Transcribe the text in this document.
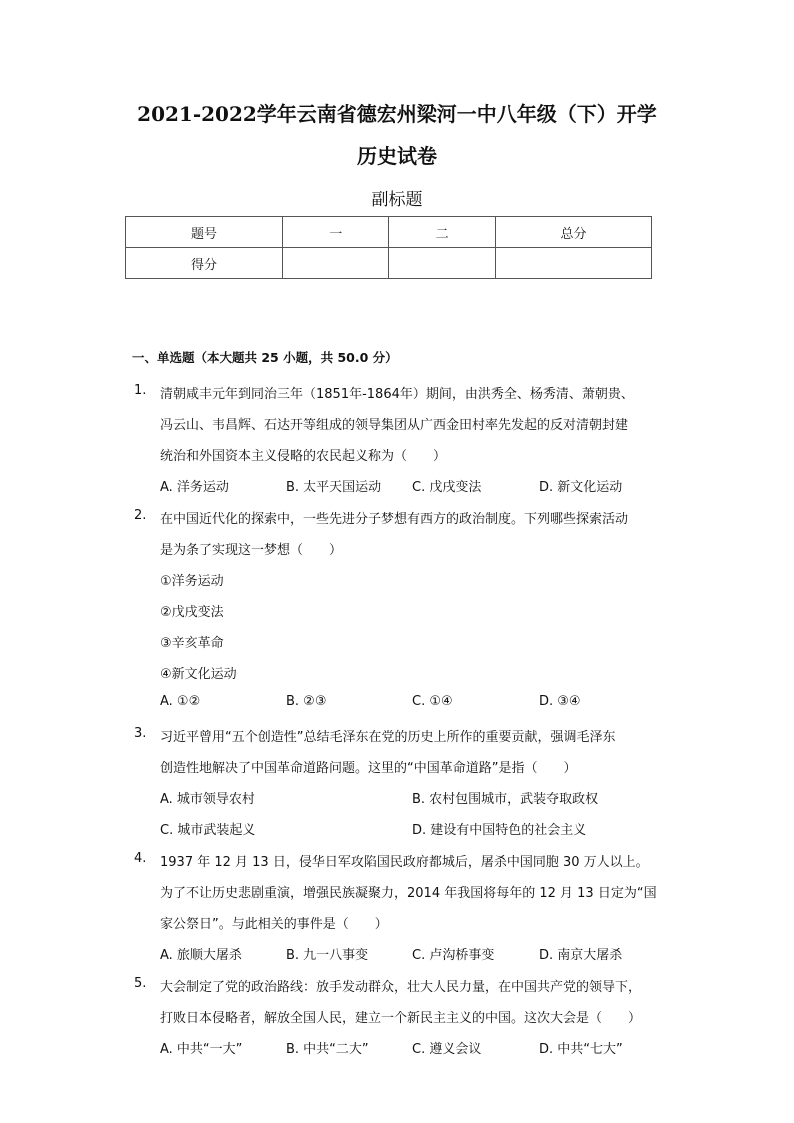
2021-2022学年云南省德宏州梁河一中八年级（下）开学
历史试卷
副标题
题号	一	二	总分
得分			
一、单选题（本大题共 25 小题，共 50.0 分）
1. 清朝咸丰元年到同治三年（1851年-1864年）期间，由洪秀全、杨秀清、萧朝贵、
冯云山、韦昌辉、石达开等组成的领导集团从广西金田村率先发起的反对清朝封建
统治和外国资本主义侵略的农民起义称为（　　）
A. 洋务运动	B. 太平天国运动 C. 戊戌变法	D. 新文化运动
2. 在中国近代化的探索中，一些先进分子梦想有西方的政治制度。下列哪些探索活动
是为条了实现这一梦想（　　）
①洋务运动
②戊戌变法
③辛亥革命
④新文化运动
A. ①②	B. ②③	C. ①④	D. ③④
3. 习近平曾用“五个创造性”总结毛泽东在党的历史上所作的重要贡献，强调毛泽东
创造性地解决了中国革命道路问题。这里的“中国革命道路”是指（　　）
A. 城市领导农村	B. 农村包围城市，武装夺取政权
C. 城市武装起义	D. 建设有中国特色的社会主义
4. 1937 年 12 月 13 日，侵华日军攻陷国民政府都城后，屠杀中国同胞 30 万人以上。
为了不让历史悲剧重演，增强民族凝聚力，2014 年我国将每年的 12 月 13 日定为“国
家公祭日”。与此相关的事件是（　　）
A. 旅顺大屠杀	B. 九一八事变	C. 卢沟桥事变	D. 南京大屠杀
5. 大会制定了党的政治路线：放手发动群众，壮大人民力量，在中国共产党的领导下，
打败日本侵略者，解放全国人民，建立一个新民主主义的中国。这次大会是（　　）
A. 中共“一大”	B. 中共“二大”	C. 遵义会议	D. 中共“七大”
